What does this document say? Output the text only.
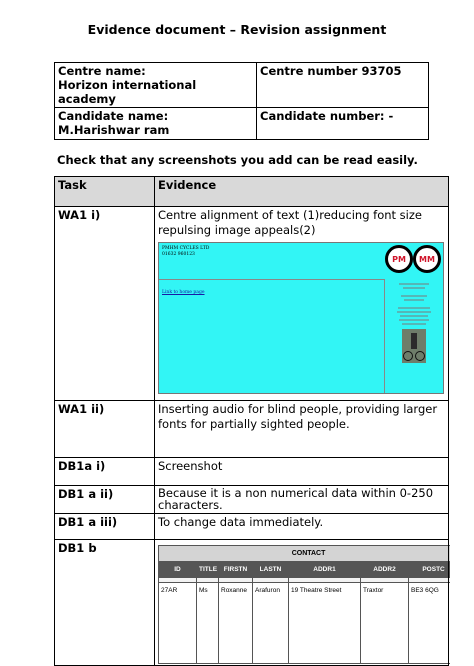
Evidence document – Revision assignment
Centre name:
Horizon international academy	Centre number 93705
Candidate name: M.Harishwar ram	Candidate number: -
Check that any screenshots you add can be read easily.
Task	Evidence
WA1 i)	Centre alignment of text (1)reducing font size repulsing image appeals(2)
PMHM CYCLES LTD
01632 960123	PM	MM
Link to home page

WA1 ii)	Inserting audio for blind people, providing larger fonts for partially sighted people.
DB1a i)	Screenshot
DB1 a ii)	Because it is a non numerical data within 0-250 characters.
DB1 a iii)	To change data immediately.
DB1 b		CONTACT
ID	TITLE	FIRSTN	LASTN	ADDR1	ADDR2	POSTC

27AR	Ms	Roxanne	Arafuron	19 Theatre Street	Traxtor	BE3 6QG
